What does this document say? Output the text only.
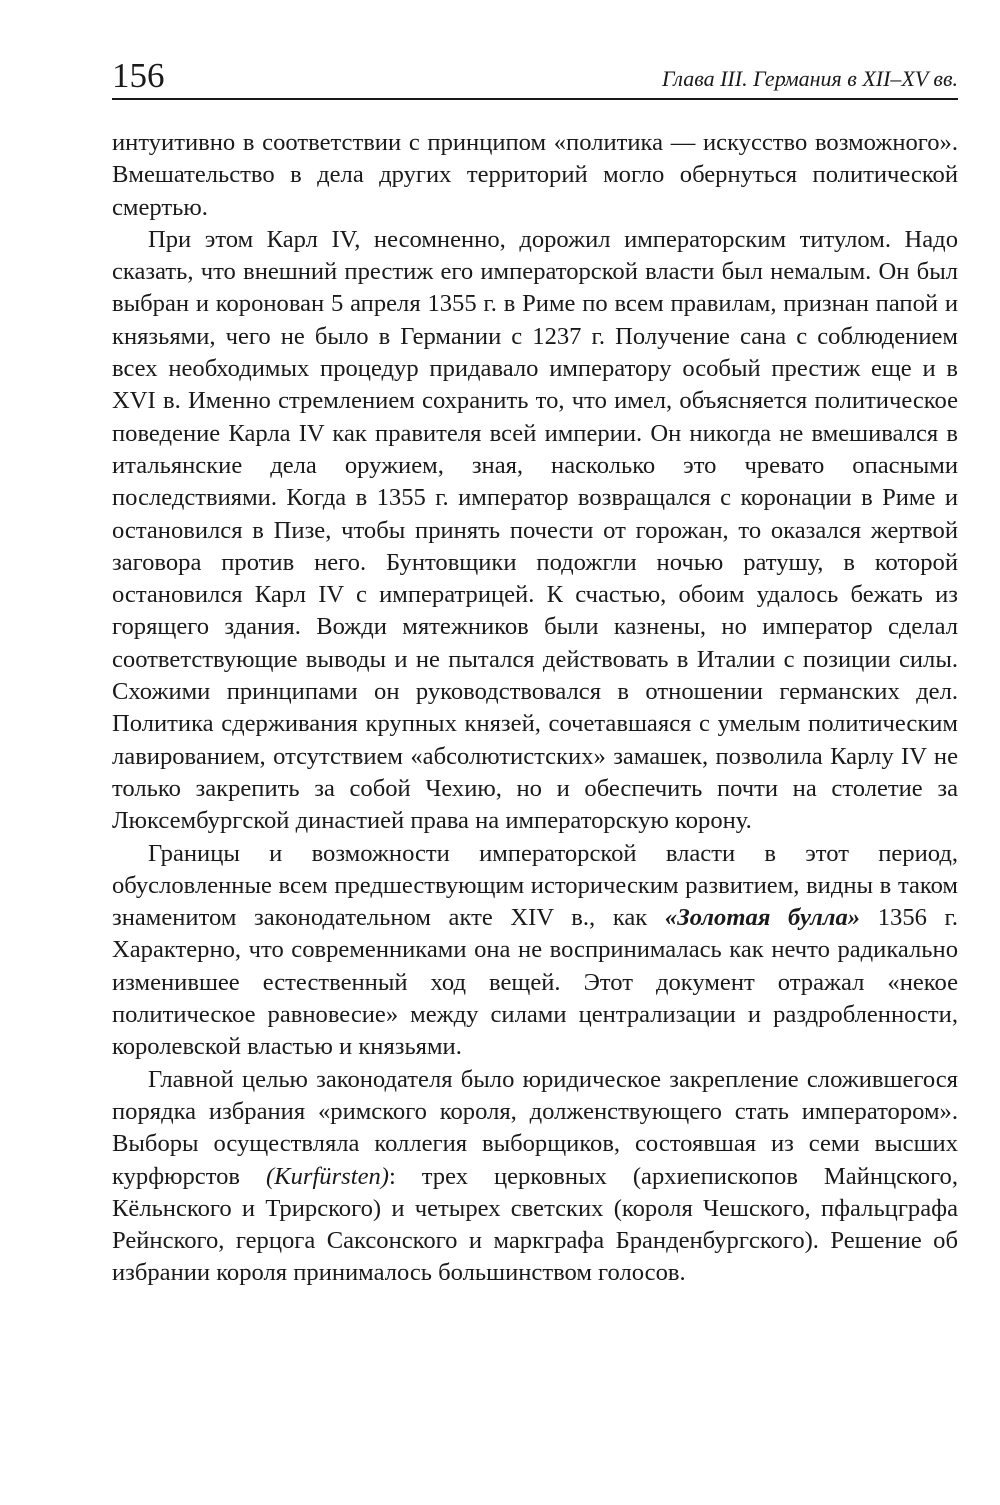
156	Глава III. Германия в XII–XV вв.

интуитивно в соответствии с принципом «политика — искусство возможного». Вмешательство в дела других территорий могло обернуться политической смертью.

При этом Карл IV, несомненно, дорожил императорским титулом. Надо сказать, что внешний престиж его императорской власти был немалым. Он был выбран и коронован 5 апреля 1355 г. в Риме по всем правилам, признан папой и князьями, чего не было в Германии с 1237 г. Получение сана с соблюдением всех необходимых процедур придавало императору особый престиж еще и в XVI в. Именно стремлением сохранить то, что имел, объясняется политическое поведение Карла IV как правителя всей империи. Он никогда не вмешивался в итальянские дела оружием, зная, насколько это чревато опасными последствиями. Когда в 1355 г. император возвращался с коронации в Риме и остановился в Пизе, чтобы принять почести от горожан, то оказался жертвой заговора против него. Бунтовщики подожгли ночью ратушу, в которой остановился Карл IV с императрицей. К счастью, обоим удалось бежать из горящего здания. Вожди мятежников были казнены, но император сделал соответствующие выводы и не пытался действовать в Италии с позиции силы. Схожими принципами он руководствовался в отношении германских дел. Политика сдерживания крупных князей, сочетавшаяся с умелым политическим лавированием, отсутствием «абсолютистских» замашек, позволила Карлу IV не только закрепить за собой Чехию, но и обеспечить почти на столетие за Люксембургской династией права на императорскую корону.

Границы и возможности императорской власти в этот период, обусловленные всем предшествующим историческим развитием, видны в таком знаменитом законодательном акте XIV в., как «Золотая булла» 1356 г. Характерно, что современниками она не воспринималась как нечто радикально изменившее естественный ход вещей. Этот документ отражал «некое политическое равновесие» между силами централизации и раздробленности, королевской властью и князьями.

Главной целью законодателя было юридическое закрепление сложившегося порядка избрания «римского короля, долженствующего стать императором». Выборы осуществляла коллегия выборщиков, состоявшая из семи высших курфюрстов (Kurfürsten): трех церковных (архиепископов Майнцского, Кёльнского и Трирского) и четырех светских (короля Чешского, пфальцграфа Рейнского, герцога Саксонского и маркграфа Бранденбургского). Решение об избрании короля принималось большинством голосов.
